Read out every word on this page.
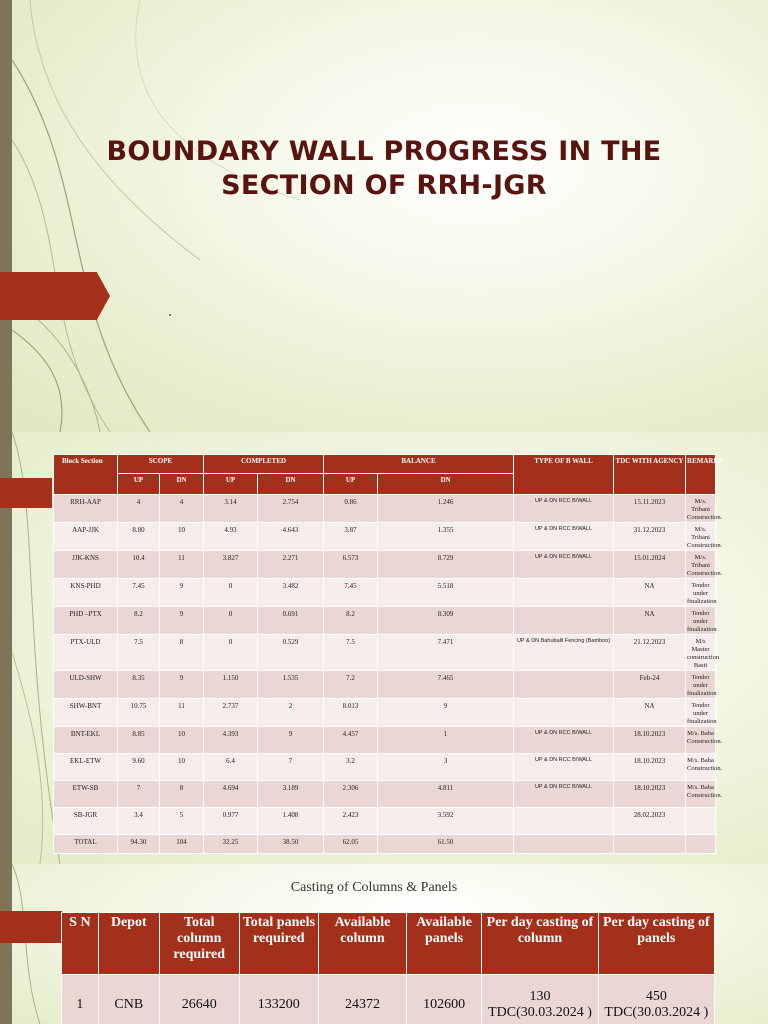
BOUNDARY WALL PROGRESS IN THE SECTION OF RRH-JGR
Block Section	SCOPE		COMPLETED		BALANCE		TYPE OF B WALL	TDC WITH AGENCY	REMARKS
	UP	DN	UP	DN	UP	DN			
RRH-AAP	4	4	3.14	2.754	0.86	1.246	UP & DN RCC B/WALL	15.11.2023	M/s. Tribani Construction.
AAP-JJK	8.80	10	4.93	4.643	3.87	1.355	UP & DN RCC B/WALL	31.12.2023	M/s. Tribani Construction.
JJK-KNS	10.4	11	3.827	2.271	6.573	8.729	UP & DN RCC B/WALL	15.01.2024	M/s. Tribani Construction.
KNS-PHD	7.45	9	0	3.482	7.45	5.518		NA	Tender under finalization
PHD –PTX	8.2	9	0	0.691	8.2	8.309		NA	Tender under finalization
PTX-ULD	7.5	8	0	0.529	7.5	7.471	UP & DN Bahubalil Fencing (Bamboo)	21.12.2023	M/s Master construction Basti
ULD-SHW	8.35	9	1.150	1.535	7.2	7.465		Feb-24	Tender under finalization
SHW-BNT	10.75	11	2.737	2	8.013	9		NA	Tender under finalization
BNT-EKL	8.85	10	4.393	9	4.457	1	UP & DN RCC B/WALL	18.10.2023	M/s. Baba Construction.
EKL-ETW	9.60	10	6.4	7	3.2	3	UP & DN RCC B/WALL	18.10.2023	M/s. Baba Construction.
ETW-SB	7	8	4.694	3.189	2.306	4.811	UP & DN RCC B/WALL	18.10.2023	M/s. Baba Construction.
SB-JGR	3.4	5	0.977	1.408	2.423	3.592		28.02.2023	
TOTAL	94.30	104	32.25	38.50	62.05	61.50			
Casting of Columns & Panels
S N	Depot	Total column required	Total panels required	Available column	Available panels	Per day casting of column	Per day casting of panels
1	CNB	26640	133200	24372	102600	130 TDC(30.03.2024 )	450 TDC(30.03.2024 )
